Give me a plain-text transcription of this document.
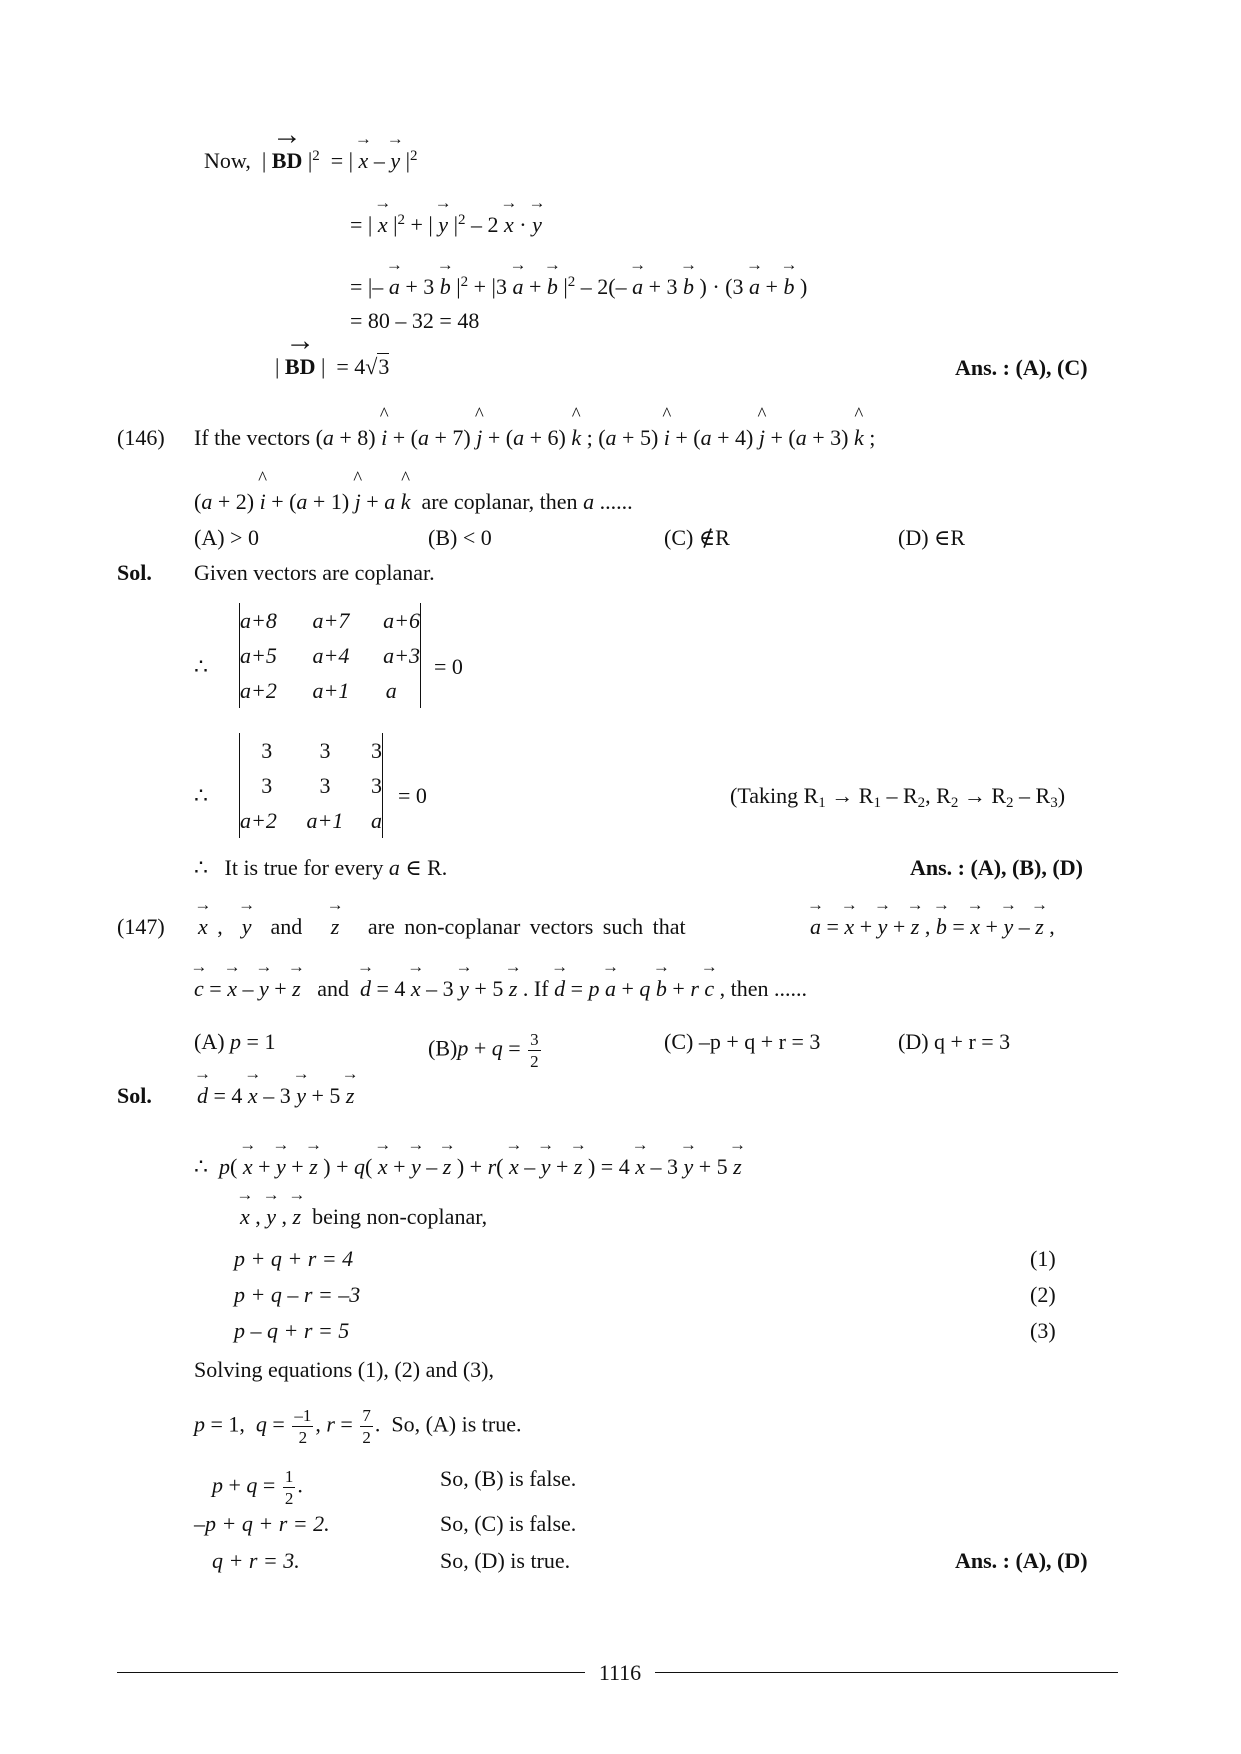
Now,  | → BD $|^2$  = | → x – → y $|^2$
= | → x $|^2$ + | → y $|^2 - 2 \to x$ · → y
= |– → a + 3 → b $|^2 + |3 \to a$ + → b $|^2 - 2(- \to a + 3 \to b$ ) · (3 → a + → b )
= 80 – 32 = 48
| → BD |  = 4√3	Ans. : (A), (C)
(146) If the vectors (a + 8) ^ i + (a + 7) ^ j + (a + 6) ^ k ; (a + 5) ^ i + (a + 4) ^ j + (a + 3) ^ k ;
(a + 2) ^ i + (a + 1) ^ j + a ^ k are coplanar, then a ......
(A) > 0	(B) < 0	(C) ∉R	(D) ∈R
Sol. Given vectors are coplanar.
∴
a+8	a+7	a+6
a+5	a+4	a+3
a+2	a+1	a
= 0
∴
3	3	3
3	3	3
a+2	a+1	a
= 0	(Taking $R_1 \to R_1 - R_2$, $R_2 \to R_2 - R_3$)
∴ It is true for every a ∈ R.	Ans. : (A), (B), (D)
(147) → x ,  → y and → z are non-coplanar vectors such that	→ a = → x + → y + → z , → b = → x + → y – → z ,
→ c = → x – → y + → z and → d = 4 → x – 3 → y + 5 → z . If → d = p → a + q → b + r → c , then ......
(A) p = 1	$(B)p + q = \frac{3}{2}$	(C) –p + q + r = 3	(D) q + r = 3
Sol. → d = 4 → x – 3 → y + 5 → z
∴ p( → x + → y + → z ) + q( → x + → y – → z ) + r( → x – → y + → z ) = 4 → x – 3 → y + 5 → z
→ x , → y , → z being non-coplanar,
p + q + r = 4	(1)
p + q – r = –3	(2)
p – q + r = 5	(3)
Solving equations (1), (2) and (3),
p = 1,  $q = \frac{-1}{2}$ , $r = \frac{7}{2}$ .  So, (A) is true.
$p + q = \frac{1}{2}$ .	So, (B) is false.
–p + q + r = 2.	So, (C) is false.
q + r = 3.	So, (D) is true.	Ans. : (A), (D)
1116
